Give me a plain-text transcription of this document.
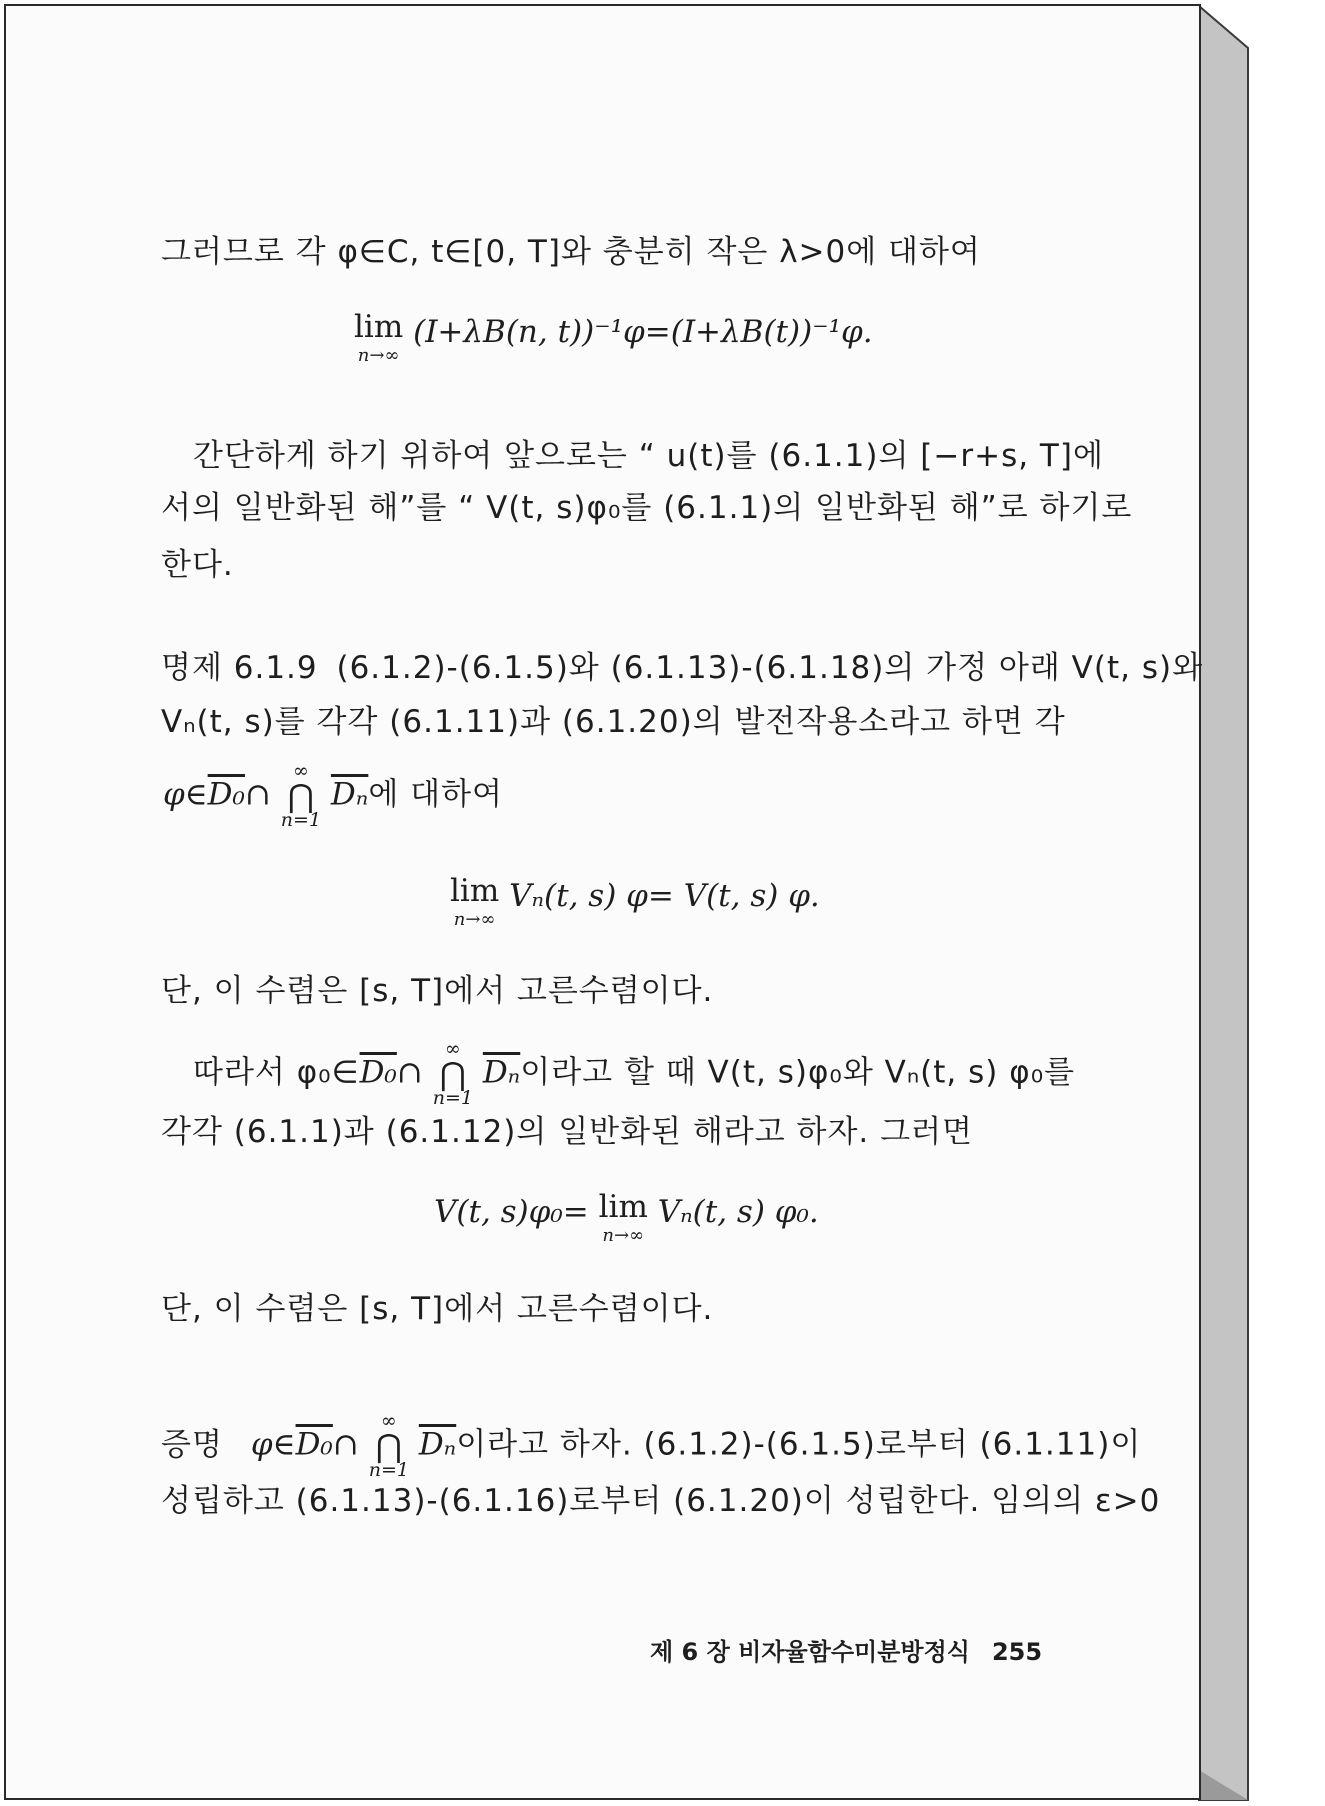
그러므로 각 φ∈C, t∈[0, T]와 충분히 작은 λ>0에 대하여
lim
n→∞
(I+λB(n, t))⁻¹φ=(I+λB(t))⁻¹φ.
간단하게 하기 위하여 앞으로는 “ u(t)를 (6.1.1)의 [−r+s, T]에
서의 일반화된 해”를 “ V(t, s)φ₀를 (6.1.1)의 일반화된 해”로 하기로
한다.
명제 6.1.9 (6.1.2)-(6.1.5)와 (6.1.13)-(6.1.18)의 가정 아래 V(t, s)와
Vₙ(t, s)를 각각 (6.1.11)과 (6.1.20)의 발전작용소라고 하면 각
φ∈D₀∩
∞
⋂
n=1
$\overline{D_n}$에 대하여
lim
n→∞
Vₙ(t, s) φ= V(t, s) φ.
단, 이 수렴은 [s, T]에서 고른수렴이다.
따라서 φ₀∈D₀∩
∞
⋂
n=1
$\overline{D_n}$이라고 할 때 V(t, s)φ₀와 Vₙ(t, s) φ₀를
각각 (6.1.1)과 (6.1.12)의 일반화된 해라고 하자. 그러면
V(t, s)φ₀= lim
n→∞
Vₙ(t, s) φ₀.
단, 이 수렴은 [s, T]에서 고른수렴이다.
증명 φ∈D₀∩
∞
⋂
n=1
$\overline{D_n}$이라고 하자. (6.1.2)-(6.1.5)로부터 (6.1.11)이
성립하고 (6.1.13)-(6.1.16)로부터 (6.1.20)이 성립한다. 임의의 ε>0
제 6 장 비자율함수미분방정식 255
